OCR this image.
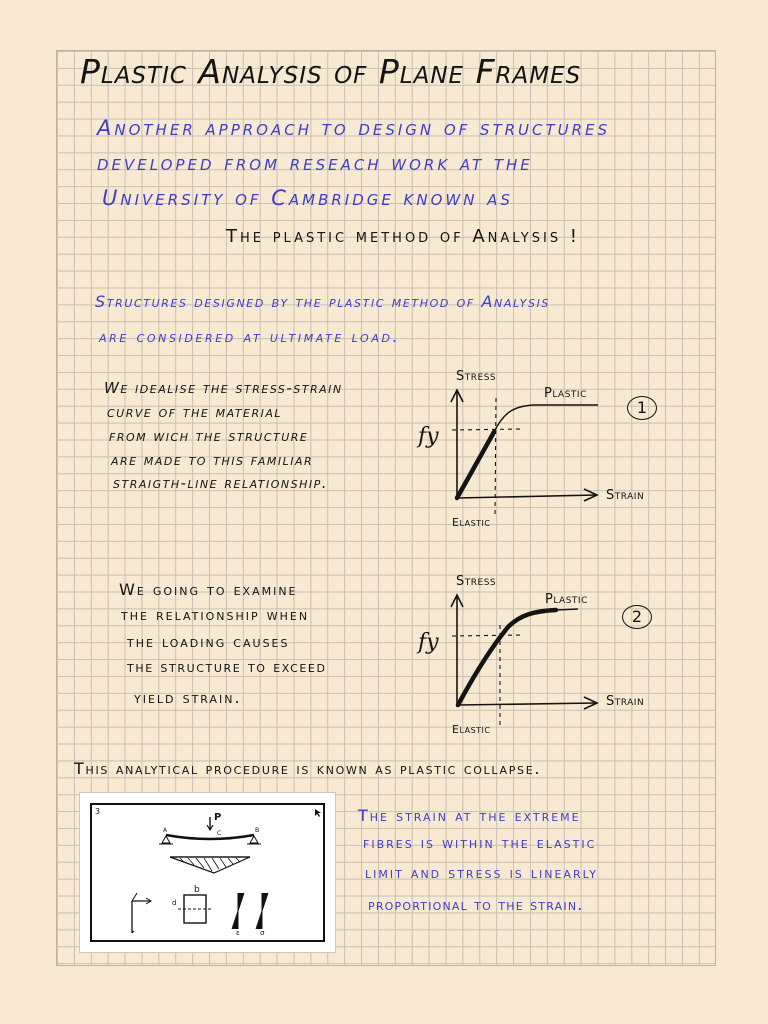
Plastic Analysis of Plane Frames

Another approach to design of structures

developed from reseach work at the

University of Cambridge known as

The plastic method of Analysis !

Structures designed by the plastic method of Analysis

are considered at ultimate load.

We idealise the stress-strain

curve of the material

from wich the structure

are made to this familiar

straigth-line relationship.

Stress
Plastic
fy
Strain
Elastic
1

We going to examine

the relationship when

the loading causes

the structure to exceed

yield strain.

Stress
Plastic
fy
Strain
Elastic
2

This analytical procedure is known as plastic collapse.

3
P
A	C	B
b
d
ε	σ

The strain at the extreme

fibres is within the elastic

limit and stress is linearly

proportional to the strain.
